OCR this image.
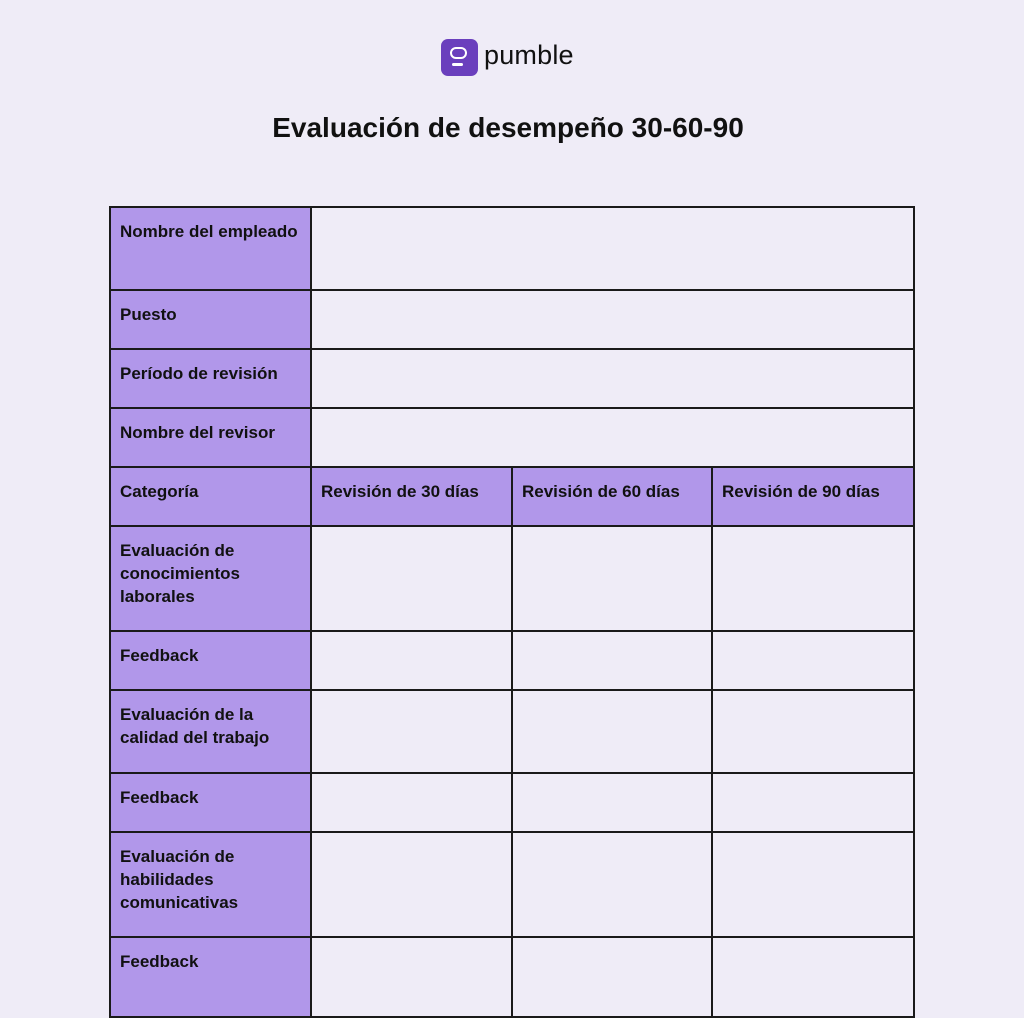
pumble
Evaluación de desempeño 30-60-90
Nombre del empleado			
Puesto			
Período de revisión			
Nombre del revisor			
Categoría	Revisión de 30 días	Revisión de 60 días	Revisión de 90 días
Evaluación de conocimientos laborales			
Feedback			
Evaluación de la calidad del trabajo			
Feedback			
Evaluación de habilidades comunicativas			
Feedback			
